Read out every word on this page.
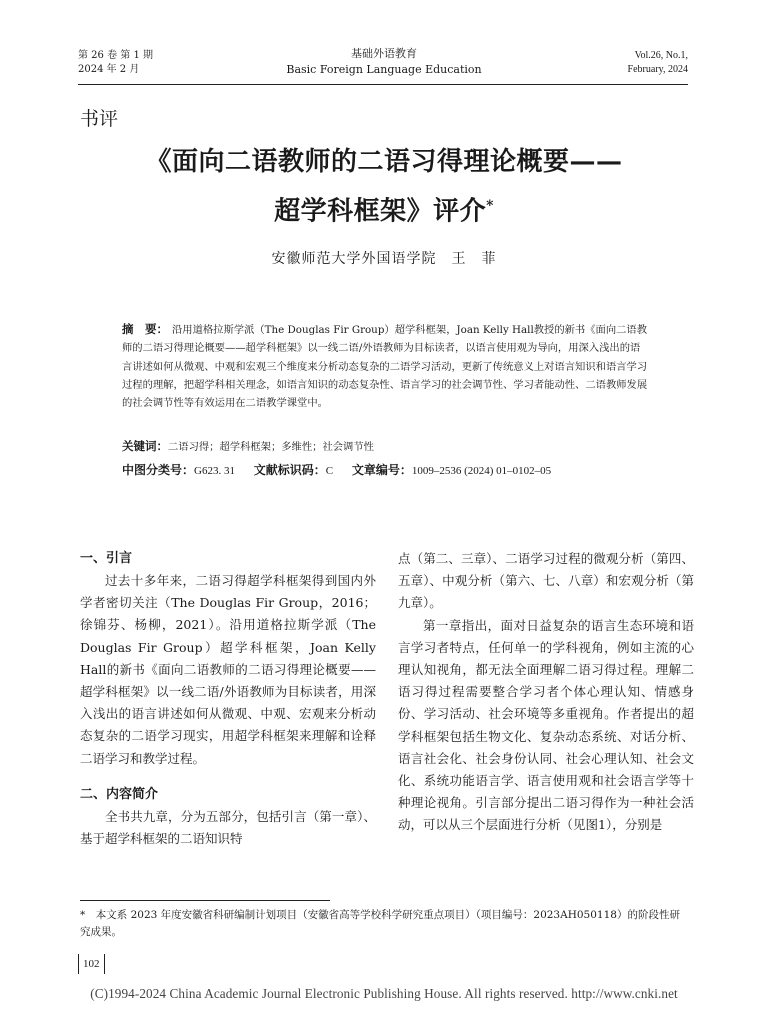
第 26 卷 第 1 期
2024 年 2 月
基础外语教育
Basic Foreign Language Education
Vol.26, No.1,
February, 2024
书评
《面向二语教师的二语习得理论概要——
超学科框架》评介*
安徽师范大学外国语学院　王　菲
摘　要： 沿用道格拉斯学派（The Douglas Fir Group）超学科框架，Joan Kelly Hall教授的新书《面向二语教师的二语习得理论概要——超学科框架》以一线二语/外语教师为目标读者，以语言使用观为导向，用深入浅出的语言讲述如何从微观、中观和宏观三个维度来分析动态复杂的二语学习活动，更新了传统意义上对语言知识和语言学习过程的理解，把超学科相关理念，如语言知识的动态复杂性、语言学习的社会调节性、学习者能动性、二语教师发展的社会调节性等有效运用在二语教学课堂中。
关键词：二语习得；超学科框架；多维性；社会调节性
中图分类号：G623. 31 文献标识码：C 文章编号：1009–2536 (2024) 01–0102–05
一、引言

过去十多年来，二语习得超学科框架得到国内外学者密切关注（The Douglas Fir Group，2016；徐锦芬、杨柳，2021）。沿用道格拉斯学派（The Douglas Fir Group）超学科框架，Joan Kelly Hall的新书《面向二语教师的二语习得理论概要——超学科框架》以一线二语/外语教师为目标读者，用深入浅出的语言讲述如何从微观、中观、宏观来分析动态复杂的二语学习现实，用超学科框架来理解和诠释二语学习和教学过程。

二、内容简介

全书共九章，分为五部分，包括引言（第一章）、基于超学科框架的二语知识特

点（第二、三章）、二语学习过程的微观分析（第四、五章）、中观分析（第六、七、八章）和宏观分析（第九章）。

第一章指出，面对日益复杂的语言生态环境和语言学习者特点，任何单一的学科视角，例如主流的心理认知视角，都无法全面理解二语习得过程。理解二语习得过程需要整合学习者个体心理认知、情感身份、学习活动、社会环境等多重视角。作者提出的超学科框架包括生物文化、复杂动态系统、对话分析、语言社会化、社会身份认同、社会心理认知、社会文化、系统功能语言学、语言使用观和社会语言学等十种理论视角。引言部分提出二语习得作为一种社会活动，可以从三个层面进行分析（见图1），分别是

*　本文系 2023 年度安徽省科研编制计划项目（安徽省高等学校科学研究重点项目）（项目编号：2023AH050118）的阶段性研究成果。
102
(C)1994-2024 China Academic Journal Electronic Publishing House. All rights reserved. http://www.cnki.net
